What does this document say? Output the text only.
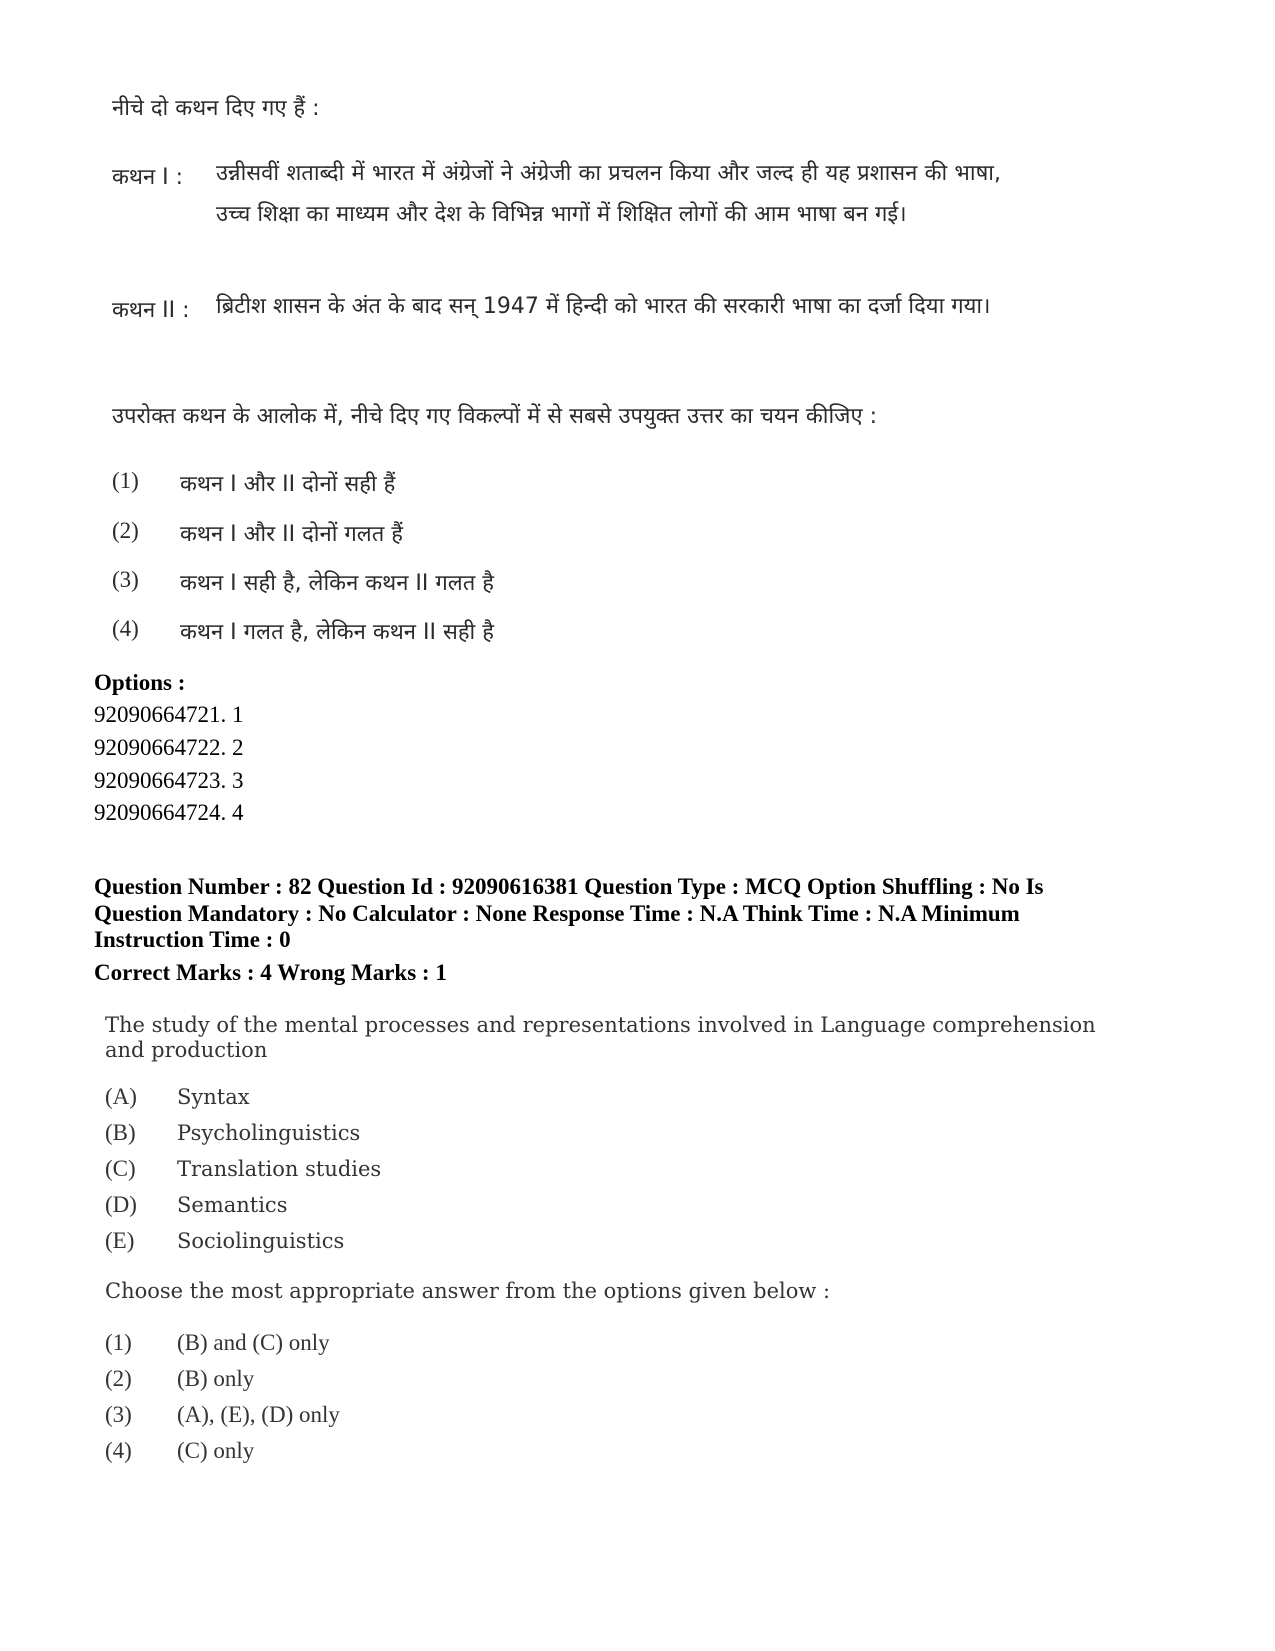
नीचे दो कथन दिए गए हैं :
कथन I : उन्नीसवीं शताब्दी में भारत में अंग्रेजों ने अंग्रेजी का प्रचलन किया और जल्द ही यह प्रशासन की भाषा, उच्च शिक्षा का माध्यम और देश के विभिन्न भागों में शिक्षित लोगों की आम भाषा बन गई।
कथन II : ब्रिटीश शासन के अंत के बाद सन् 1947 में हिन्दी को भारत की सरकारी भाषा का दर्जा दिया गया।
उपरोक्त कथन के आलोक में, नीचे दिए गए विकल्पों में से सबसे उपयुक्त उत्तर का चयन कीजिए :
(1) कथन I और II दोनों सही हैं
(2) कथन I और II दोनों गलत हैं
(3) कथन I सही है, लेकिन कथन II गलत है
(4) कथन I गलत है, लेकिन कथन II सही है
Options :
92090664721. 1
92090664722. 2
92090664723. 3
92090664724. 4
Question Number : 82 Question Id : 92090616381 Question Type : MCQ Option Shuffling : No Is
Question Mandatory : No Calculator : None Response Time : N.A Think Time : N.A Minimum
Instruction Time : 0
Correct Marks : 4 Wrong Marks : 1
The study of the mental processes and representations involved in Language comprehension
and production
(A) Syntax
(B) Psycholinguistics
(C) Translation studies
(D) Semantics
(E) Sociolinguistics
Choose the most appropriate answer from the options given below :
(1) (B) and (C) only
(2) (B) only
(3) (A), (E), (D) only
(4) (C) only
